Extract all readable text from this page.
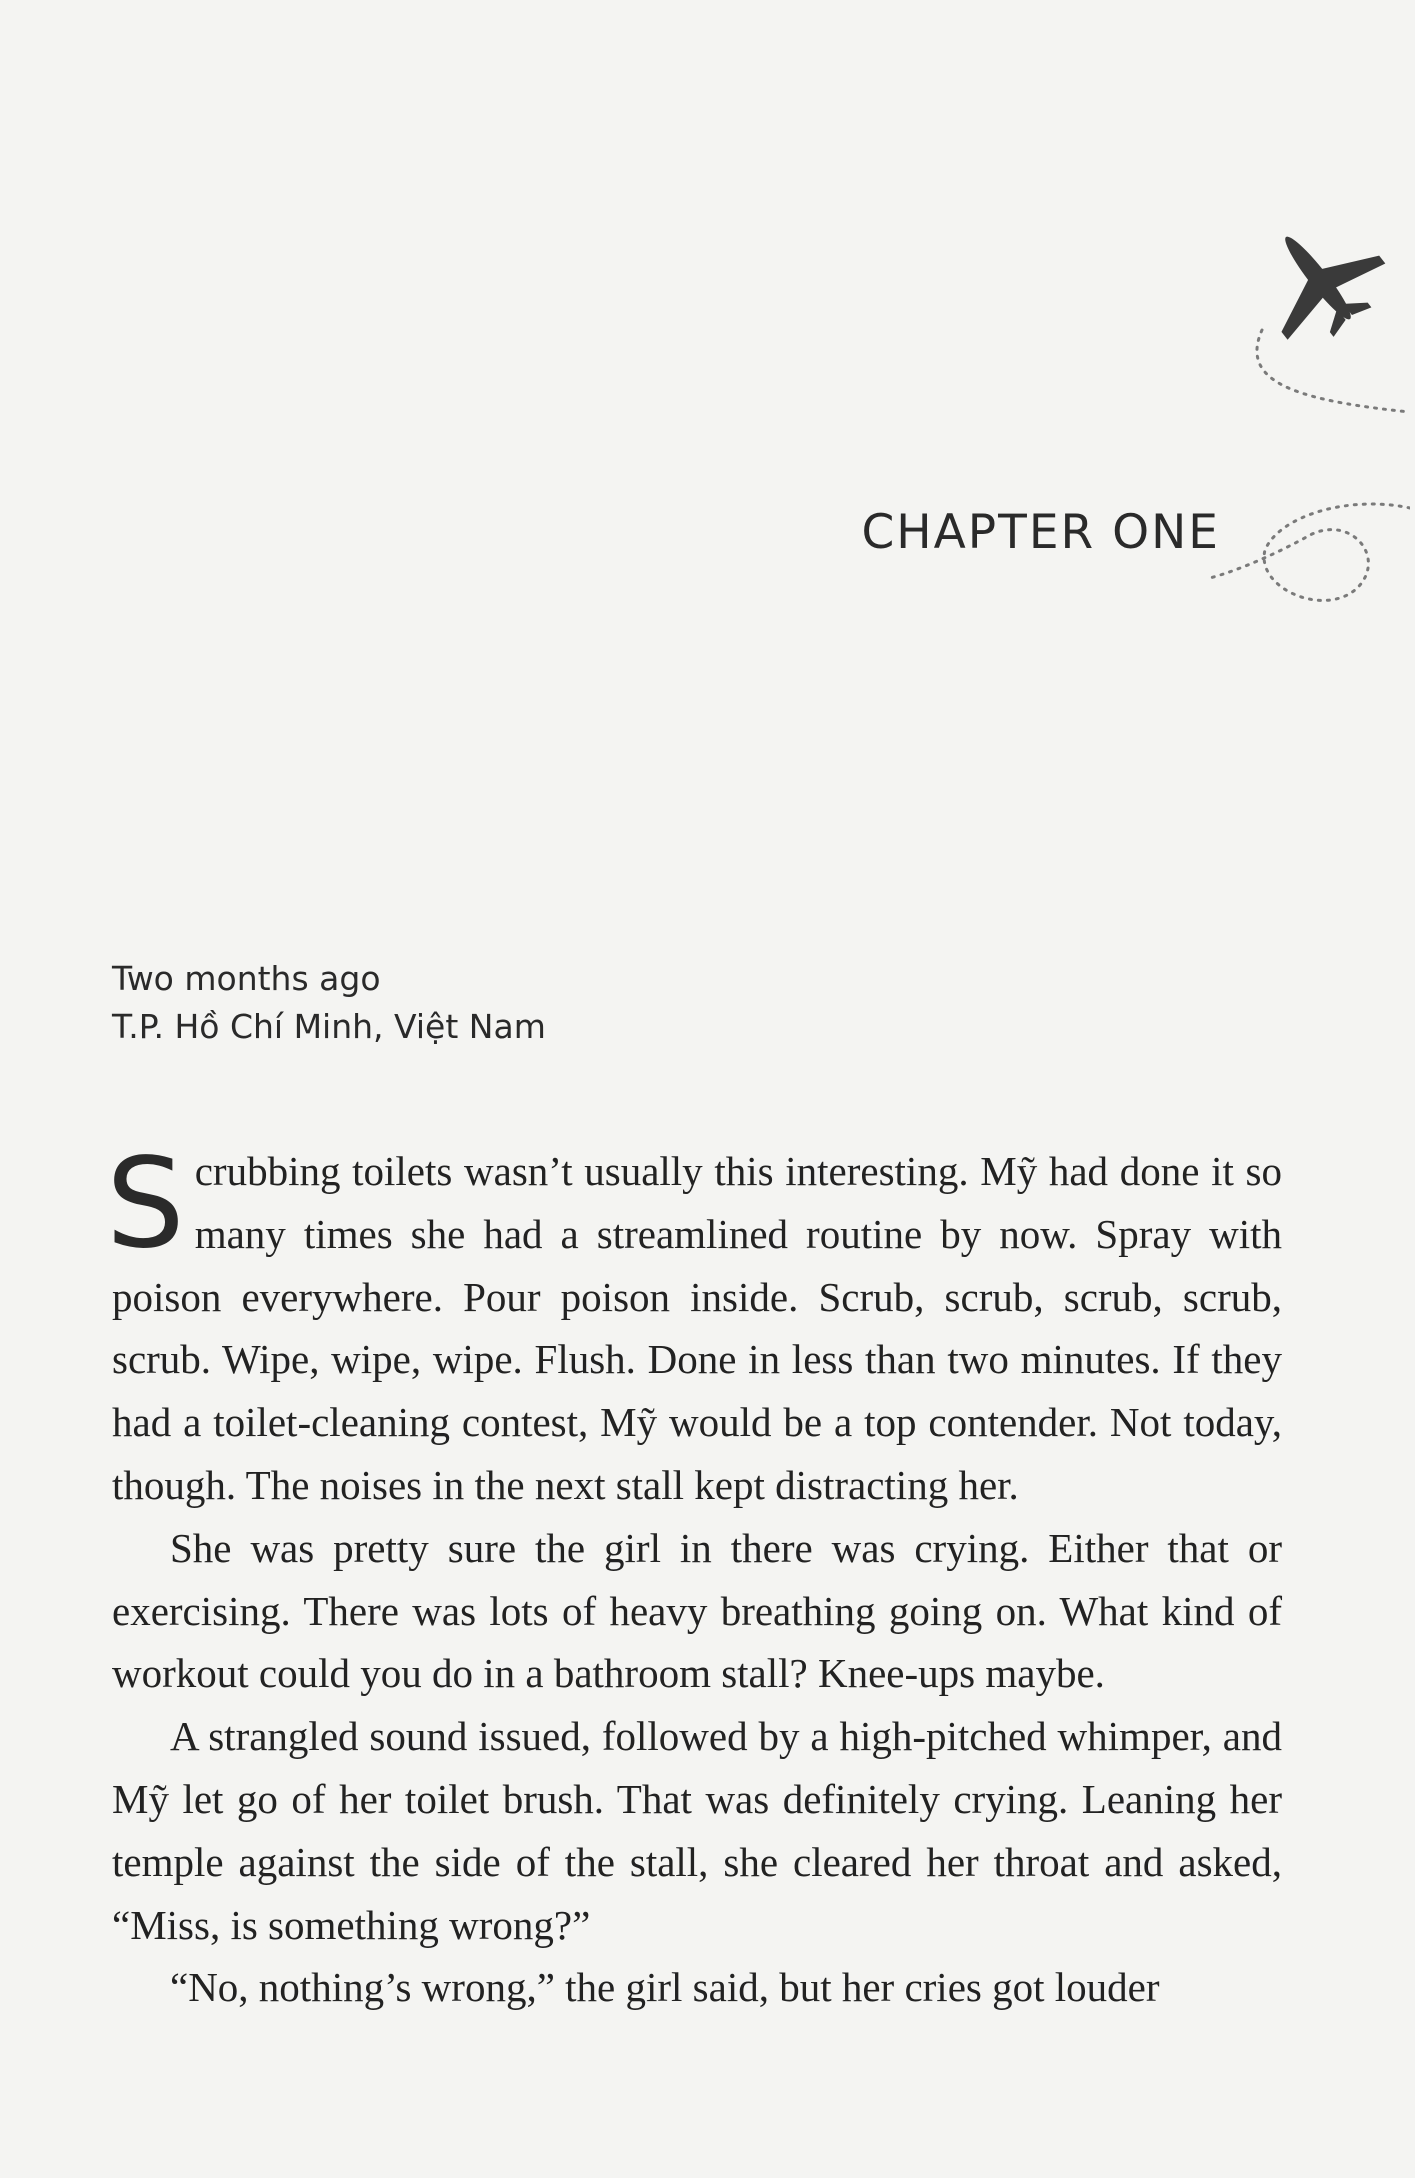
CHAPTER ONE
Two months ago
T.P. Hồ Chí Minh, Việt Nam

Scrubbing toilets wasn’t usually this interesting. Mỹ had done it so many times she had a streamlined routine by now. Spray with poison everywhere. Pour poison inside. Scrub, scrub, scrub, scrub, scrub. Wipe, wipe, wipe. Flush. Done in less than two minutes. If they had a toilet-cleaning contest, Mỹ would be a top contender. Not today, though. The noises in the next stall kept distracting her.

She was pretty sure the girl in there was crying. Either that or exercising. There was lots of heavy breathing going on. What kind of workout could you do in a bathroom stall? Knee-ups maybe.

A strangled sound issued, followed by a high-pitched whimper, and Mỹ let go of her toilet brush. That was definitely crying. Leaning her temple against the side of the stall, she cleared her throat and asked, “Miss, is something wrong?”

“No, nothing’s wrong,” the girl said, but her cries got louder
